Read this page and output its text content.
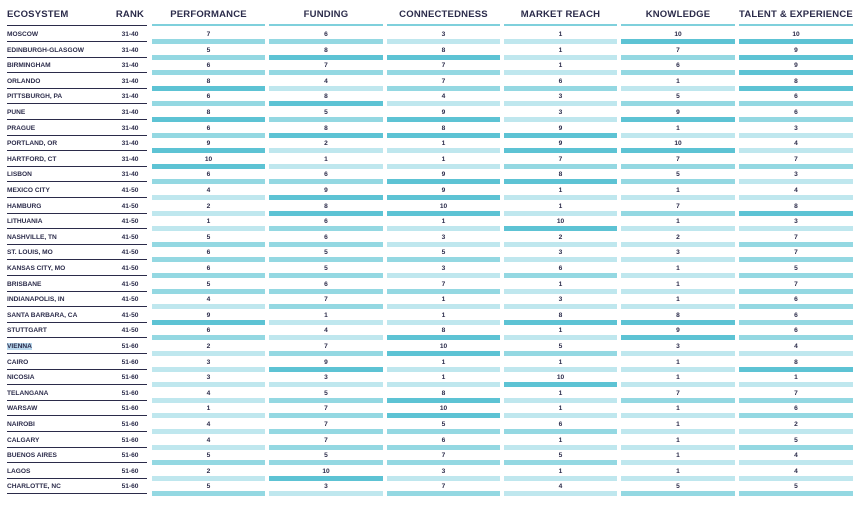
ECOSYSTEM	RANK	PERFORMANCE	FUNDING	CONNECTEDNESS	MARKET REACH	KNOWLEDGE	TALENT & EXPERIENCE
MOSCOW	31-40	7	6	3	1	10	10
EDINBURGH-GLASGOW	31-40	5	8	8	1	7	9
BIRMINGHAM	31-40	6	7	7	1	6	9
ORLANDO	31-40	8	4	7	6	1	8
PITTSBURGH, PA	31-40	6	8	4	3	5	6
PUNE	31-40	8	5	9	3	9	6
PRAGUE	31-40	6	8	8	9	1	3
PORTLAND, OR	31-40	9	2	1	9	10	4
HARTFORD, CT	31-40	10	1	1	7	7	7
LISBON	31-40	6	6	9	8	5	3
MEXICO CITY	41-50	4	9	9	1	1	4
HAMBURG	41-50	2	8	10	1	7	8
LITHUANIA	41-50	1	6	1	10	1	3
NASHVILLE, TN	41-50	5	6	3	2	2	7
ST. LOUIS, MO	41-50	6	5	5	3	3	7
KANSAS CITY, MO	41-50	6	5	3	6	1	5
BRISBANE	41-50	5	6	7	1	1	7
INDIANAPOLIS, IN	41-50	4	7	1	3	1	6
SANTA BARBARA, CA	41-50	9	1	1	8	8	6
STUTTGART	41-50	6	4	8	1	9	6
VIENNA	51-60	2	7	10	5	3	4
CAIRO	51-60	3	9	1	1	1	8
NICOSIA	51-60	3	3	1	10	1	1
TELANGANA	51-60	4	5	8	1	7	7
WARSAW	51-60	1	7	10	1	1	6
NAIROBI	51-60	4	7	5	6	1	2
CALGARY	51-60	4	7	6	1	1	5
BUENOS AIRES	51-60	5	5	7	5	1	4
LAGOS	51-60	2	10	3	1	1	4
CHARLOTTE, NC	51-60	5	3	7	4	5	5
